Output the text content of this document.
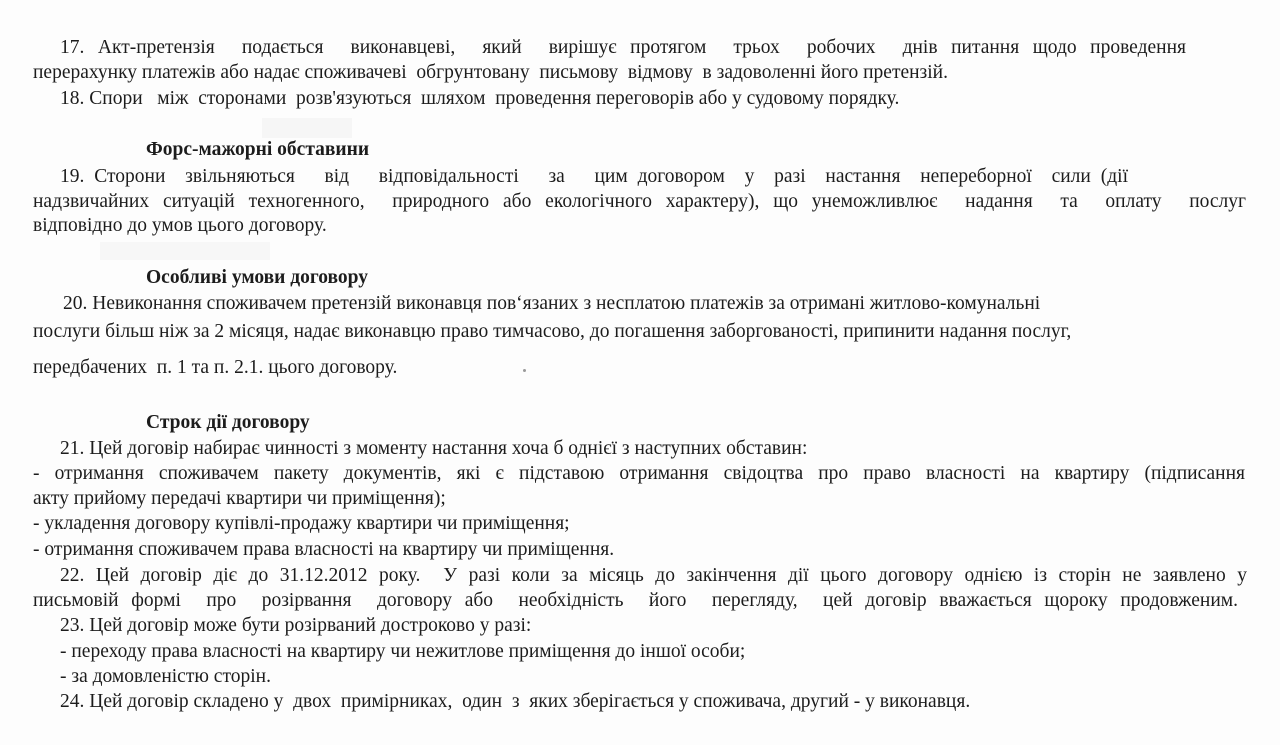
17. Акт-претензія  подається  виконавцеві,  який  вирішує протягом  трьох  робочих  днів питання щодо проведення
перерахунку платежів або надає споживачеві  обгрунтовану  письмову  відмову  в задоволенні його претензій.
18. Спори   між  сторонами  розв'язуються  шляхом  проведення переговорів або у судовому порядку.
Форс-мажорні обставини
19. Сторони  звільняються   від   відповідальності   за   цим договором  у  разі  настання  непереборної  сили (дії
надзвичайних ситуацій техногенного,  природного або екологічного характеру), що унеможливлює  надання  та  оплату  послуг
відповідно до умов цього договору.
Особливі умови договору
20. Невиконання споживачем претензій виконавця пов‘язаних з несплатою платежів за отримані житлово-комунальні
послуги більш ніж за 2 місяця, надає виконавцю право тимчасово, до погашення заборгованості, припинити надання послуг,
передбачених  п. 1 та п. 2.1. цього договору.
Строк дії договору
21. Цей договір набирає чинності з моменту настання хоча б однієї з наступних обставин:
- отримання споживачем пакету документів, які є підставою отримання свідоцтва про право власності на квартиру (підписання
акту прийому передачі квартири чи приміщення);
- укладення договору купівлі-продажу квартири чи приміщення;
- отримання споживачем права власності на квартиру чи приміщення.
22. Цей договір діє до 31.12.2012 року.  У разі коли за місяць до закінчення дії цього договору однією із сторін не заявлено у
письмовій формі  про  розірвання  договору або  необхідність  його  перегляду,  цей договір вважається щороку продовженим.
23. Цей договір може бути розірваний достроково у разі:
- переходу права власності на квартиру чи нежитлове приміщення до іншої особи;
- за домовленістю сторін.
24. Цей договір складено у  двох  примірниках,  один  з  яких зберігається у споживача, другий - у виконавця.
